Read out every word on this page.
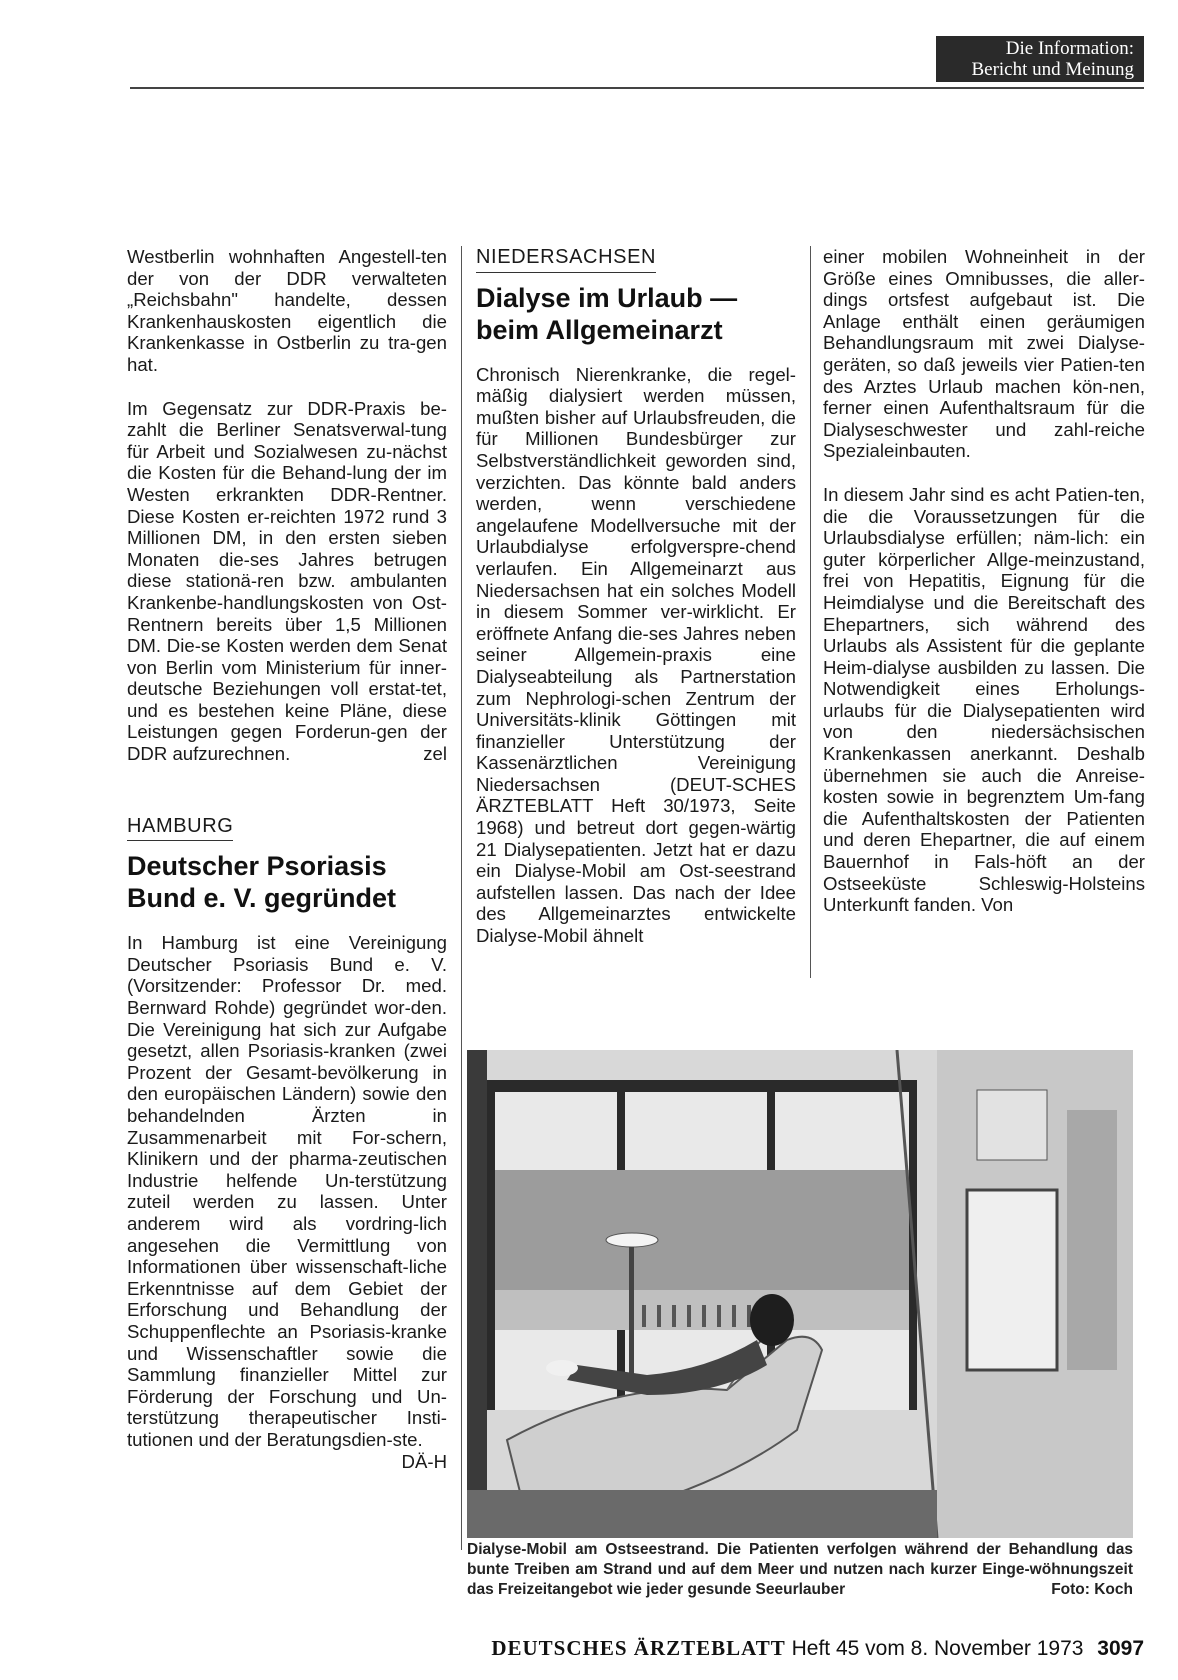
Die Information:
Bericht und Meinung

Westberlin wohnhaften Angestell-ten der von der DDR verwalteten „Reichsbahn" handelte, dessen Krankenhauskosten eigentlich die Krankenkasse in Ostberlin zu tra-gen hat.

Im Gegensatz zur DDR-Praxis be-zahlt die Berliner Senatsverwal-tung für Arbeit und Sozialwesen zu-nächst die Kosten für die Behand-lung der im Westen erkrankten DDR-Rentner. Diese Kosten er-reichten 1972 rund 3 Millionen DM, in den ersten sieben Monaten die-ses Jahres betrugen diese stationä-ren bzw. ambulanten Krankenbe-handlungskosten von Ost-Rentnern bereits über 1,5 Millionen DM. Die-se Kosten werden dem Senat von Berlin vom Ministerium für inner-deutsche Beziehungen voll erstat-tet, und es bestehen keine Pläne, diese Leistungen gegen Forderun-gen der DDR aufzurechnen.	zel

HAMBURG

Deutscher Psoriasis Bund e. V. gegründet

In Hamburg ist eine Vereinigung Deutscher Psoriasis Bund e. V. (Vorsitzender: Professor Dr. med. Bernward Rohde) gegründet wor-den. Die Vereinigung hat sich zur Aufgabe gesetzt, allen Psoriasis-kranken (zwei Prozent der Gesamt-bevölkerung in den europäischen Ländern) sowie den behandelnden Ärzten in Zusammenarbeit mit For-schern, Klinikern und der pharma-zeutischen Industrie helfende Un-terstützung zuteil werden zu lassen. Unter anderem wird als vordring-lich angesehen die Vermittlung von Informationen über wissenschaft-liche Erkenntnisse auf dem Gebiet der Erforschung und Behandlung der Schuppenflechte an Psoriasis-kranke und Wissenschaftler sowie die Sammlung finanzieller Mittel zur Förderung der Forschung und Un-terstützung therapeutischer Insti-tutionen und der Beratungsdien-ste.
DÄ-H

NIEDERSACHSEN

Dialyse im Urlaub — beim Allgemeinarzt

Chronisch Nierenkranke, die regel-mäßig dialysiert werden müssen, mußten bisher auf Urlaubsfreuden, die für Millionen Bundesbürger zur Selbstverständlichkeit geworden sind, verzichten. Das könnte bald anders werden, wenn verschiedene angelaufene Modellversuche mit der Urlaubdialyse erfolgverspre-chend verlaufen. Ein Allgemeinarzt aus Niedersachsen hat ein solches Modell in diesem Sommer ver-wirklicht. Er eröffnete Anfang die-ses Jahres neben seiner Allgemein-praxis eine Dialyseabteilung als Partnerstation zum Nephrologi-schen Zentrum der Universitäts-klinik Göttingen mit finanzieller Unterstützung der Kassenärztlichen Vereinigung Niedersachsen (DEUT-SCHES ÄRZTEBLATT Heft 30/1973, Seite 1968) und betreut dort gegen-wärtig 21 Dialysepatienten. Jetzt hat er dazu ein Dialyse-Mobil am Ost-seestrand aufstellen lassen. Das nach der Idee des Allgemeinarztes entwickelte Dialyse-Mobil ähnelt

einer mobilen Wohneinheit in der Größe eines Omnibusses, die aller-dings ortsfest aufgebaut ist. Die Anlage enthält einen geräumigen Behandlungsraum mit zwei Dialyse-geräten, so daß jeweils vier Patien-ten des Arztes Urlaub machen kön-nen, ferner einen Aufenthaltsraum für die Dialyseschwester und zahl-reiche Spezialeinbauten.

In diesem Jahr sind es acht Patien-ten, die die Voraussetzungen für die Urlaubsdialyse erfüllen; näm-lich: ein guter körperlicher Allge-meinzustand, frei von Hepatitis, Eignung für die Heimdialyse und die Bereitschaft des Ehepartners, sich während des Urlaubs als Assistent für die geplante Heim-dialyse ausbilden zu lassen. Die Notwendigkeit eines Erholungs-urlaubs für die Dialysepatienten wird von den niedersächsischen Krankenkassen anerkannt. Deshalb übernehmen sie auch die Anreise-kosten sowie in begrenztem Um-fang die Aufenthaltskosten der Patienten und deren Ehepartner, die auf einem Bauernhof in Fals-höft an der Ostseeküste Schleswig-Holsteins Unterkunft fanden. Von

Dialyse-Mobil am Ostseestrand. Die Patienten verfolgen während der Behandlung das bunte Treiben am Strand und auf dem Meer und nutzen nach kurzer Einge-wöhnungszeit das Freizeitangebot wie jeder gesunde Seeurlauber	Foto: Koch
DEUTSCHES ÄRZTEBLATT Heft 45 vom 8. November 1973 3097
